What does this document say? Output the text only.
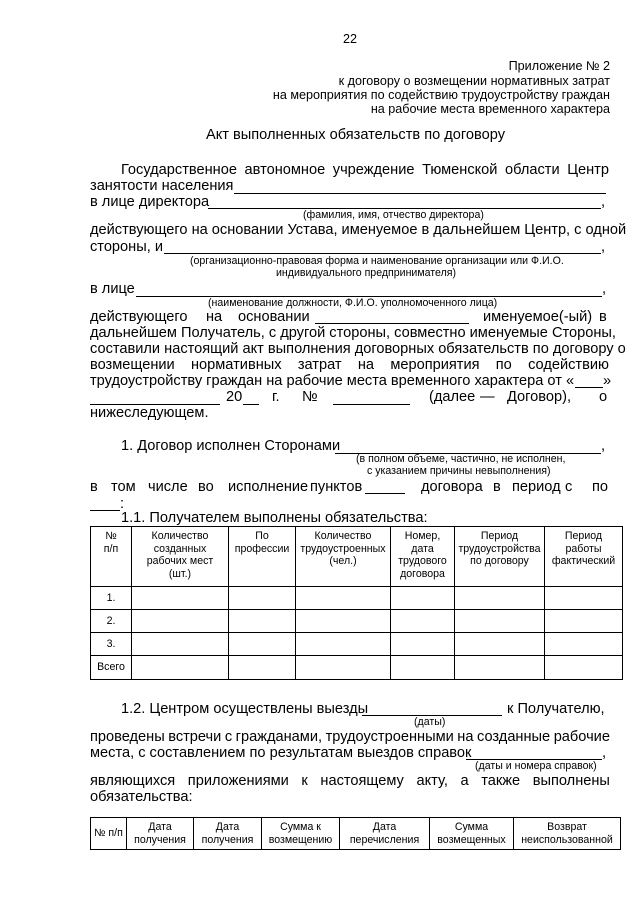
22
Приложение № 2
к договору о возмещении нормативных затрат
на мероприятия по содействию трудоустройству граждан
на рабочие места временного характера
Акт выполненных обязательств по договору
Государственное автономное учреждение Тюменской области Центр
занятости населения
в лице директора	,
(фамилия, имя, отчество директора)
действующего на основании Устава, именуемое в дальнейшем Центр, с одной
стороны, и	,
(организационно-правовая форма и наименование организации или Ф.И.О.
индивидуального предпринимателя)
в лице	,
(наименование должности, Ф.И.О. уполномоченного лица)
действующего на основании	именуемое(-ый) в
дальнейшем Получатель, с другой стороны, совместно именуемые Стороны,
составили настоящий акт выполнения договорных обязательств по договору о
возмещении нормативных затрат на мероприятия по содействию
трудоустройству граждан на рабочие места временного характера от « »
20 г. №	(далее — Договор), о
нижеследующем.
1. Договор исполнен Сторонами	,
(в полном объеме, частично, не исполнен,
с указанием причины невыполнения)
в том числе во исполнение пунктов	договора в период с по
:
1.1. Получателем выполнены обязательства:
№
п/п	Количество
созданных
рабочих мест
(шт.)	По
профессии	Количество
трудоустроенных
(чел.)	Номер,
дата
трудового
договора	Период
трудоустройства
по договору	Период
работы
фактический
1.						
2.						
3.						
Всего						
1.2. Центром осуществлены выезды	к Получателю,
(даты)
проведены встречи с гражданами, трудоустроенными на созданные рабочие
места, с составлением по результатам выездов справок	,
(даты и номера справок)
являющихся приложениями к настоящему акту, а также выполнены
обязательства:
№ п/п	Дата
получения	Дата
получения	Сумма к
возмещению	Дата
перечисления	Сумма
возмещенных	Возврат
неиспользованной
